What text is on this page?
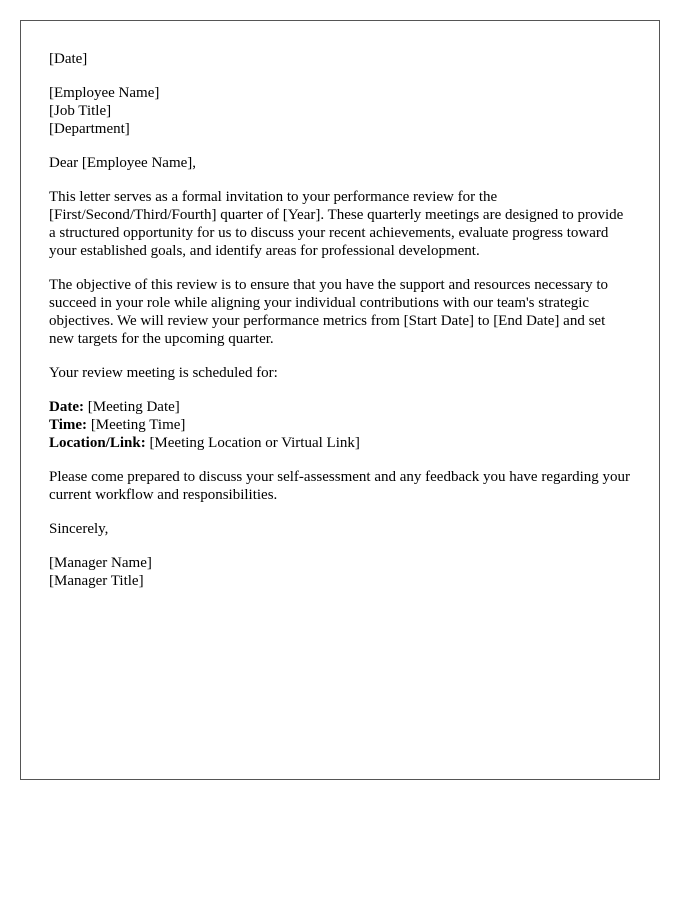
[Date]

[Employee Name]

[Job Title]

[Department]

Dear [Employee Name],

This letter serves as a formal invitation to your performance review for the [First/Second/Third/Fourth] quarter of [Year]. These quarterly meetings are designed to provide a structured opportunity for us to discuss your recent achievements, evaluate progress toward your established goals, and identify areas for professional development.

The objective of this review is to ensure that you have the support and resources necessary to succeed in your role while aligning your individual contributions with our team's strategic objectives. We will review your performance metrics from [Start Date] to [End Date] and set new targets for the upcoming quarter.

Your review meeting is scheduled for:

Date: [Meeting Date]

Time: [Meeting Time]

Location/Link: [Meeting Location or Virtual Link]

Please come prepared to discuss your self-assessment and any feedback you have regarding your current workflow and responsibilities.

Sincerely,

[Manager Name]

[Manager Title]
